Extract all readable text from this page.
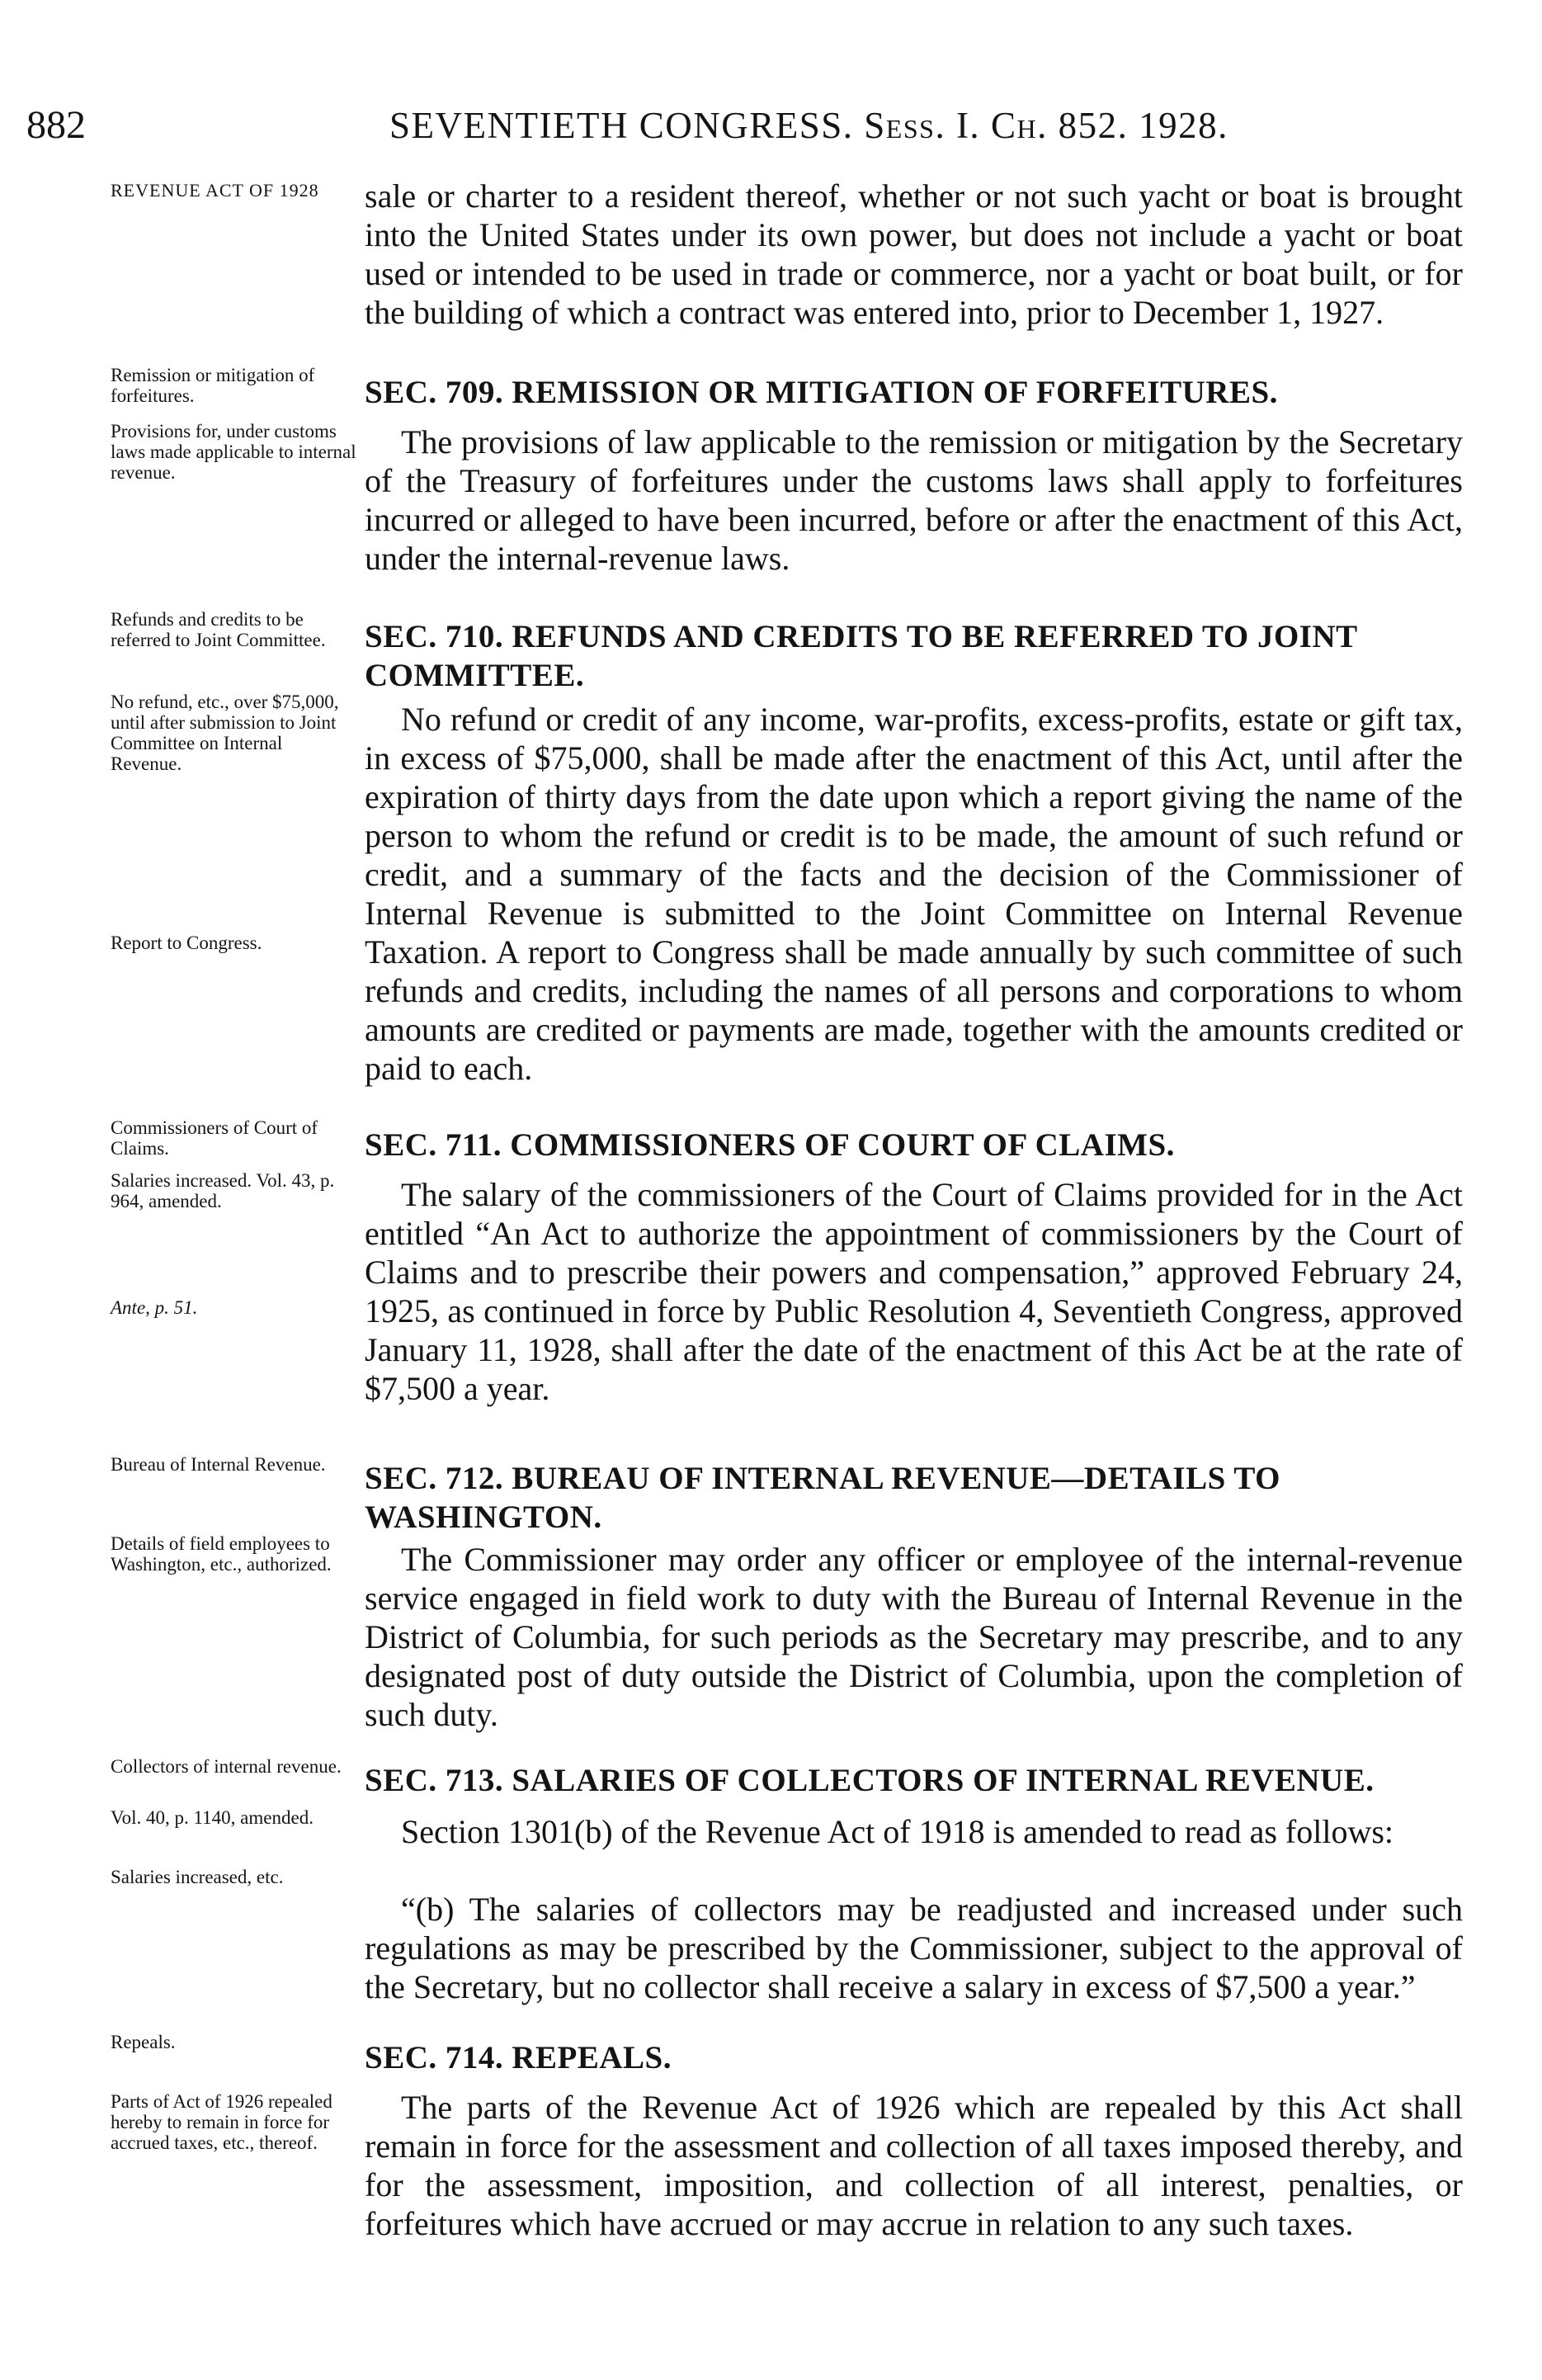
882	SEVENTIETH CONGRESS. Sess. I. Ch. 852. 1928.
REVENUE ACT OF 1928
Remission or mitigation of forfeitures.
Provisions for, under customs laws made applicable to internal revenue.
Refunds and credits to be referred to Joint Committee.
No refund, etc., over $75,000, until after submission to Joint Committee on Internal Revenue.
Report to Congress.
Commissioners of Court of Claims.
Salaries increased. Vol. 43, p. 964, amended.
Ante, p. 51.
Bureau of Internal Revenue.
Details of field employees to Washington, etc., authorized.
Collectors of internal revenue.
Vol. 40, p. 1140, amended.
Salaries increased, etc.
Repeals.
Parts of Act of 1926 repealed hereby to remain in force for accrued taxes, etc., thereof.
sale or charter to a resident thereof, whether or not such yacht or boat is brought into the United States under its own power, but does not include a yacht or boat used or intended to be used in trade or commerce, nor a yacht or boat built, or for the building of which a contract was entered into, prior to December 1, 1927.
SEC. 709. REMISSION OR MITIGATION OF FORFEITURES.
The provisions of law applicable to the remission or mitigation by the Secretary of the Treasury of forfeitures under the customs laws shall apply to forfeitures incurred or alleged to have been incurred, before or after the enactment of this Act, under the internal-revenue laws.
SEC. 710. REFUNDS AND CREDITS TO BE REFERRED TO JOINT COMMITTEE.
No refund or credit of any income, war-profits, excess-profits, estate or gift tax, in excess of $75,000, shall be made after the enactment of this Act, until after the expiration of thirty days from the date upon which a report giving the name of the person to whom the refund or credit is to be made, the amount of such refund or credit, and a summary of the facts and the decision of the Commissioner of Internal Revenue is submitted to the Joint Committee on Internal Revenue Taxation. A report to Congress shall be made annually by such committee of such refunds and credits, including the names of all persons and corporations to whom amounts are credited or payments are made, together with the amounts credited or paid to each.
SEC. 711. COMMISSIONERS OF COURT OF CLAIMS.
The salary of the commissioners of the Court of Claims provided for in the Act entitled “An Act to authorize the appointment of commissioners by the Court of Claims and to prescribe their powers and compensation,” approved February 24, 1925, as continued in force by Public Resolution 4, Seventieth Congress, approved January 11, 1928, shall after the date of the enactment of this Act be at the rate of $7,500 a year.
SEC. 712. BUREAU OF INTERNAL REVENUE—DETAILS TO WASHINGTON.
The Commissioner may order any officer or employee of the internal-revenue service engaged in field work to duty with the Bureau of Internal Revenue in the District of Columbia, for such periods as the Secretary may prescribe, and to any designated post of duty outside the District of Columbia, upon the completion of such duty.
SEC. 713. SALARIES OF COLLECTORS OF INTERNAL REVENUE.
Section 1301(b) of the Revenue Act of 1918 is amended to read as follows:
“(b) The salaries of collectors may be readjusted and increased under such regulations as may be prescribed by the Commissioner, subject to the approval of the Secretary, but no collector shall receive a salary in excess of $7,500 a year.”
SEC. 714. REPEALS.
The parts of the Revenue Act of 1926 which are repealed by this Act shall remain in force for the assessment and collection of all taxes imposed thereby, and for the assessment, imposition, and collection of all interest, penalties, or forfeitures which have accrued or may accrue in relation to any such taxes.
